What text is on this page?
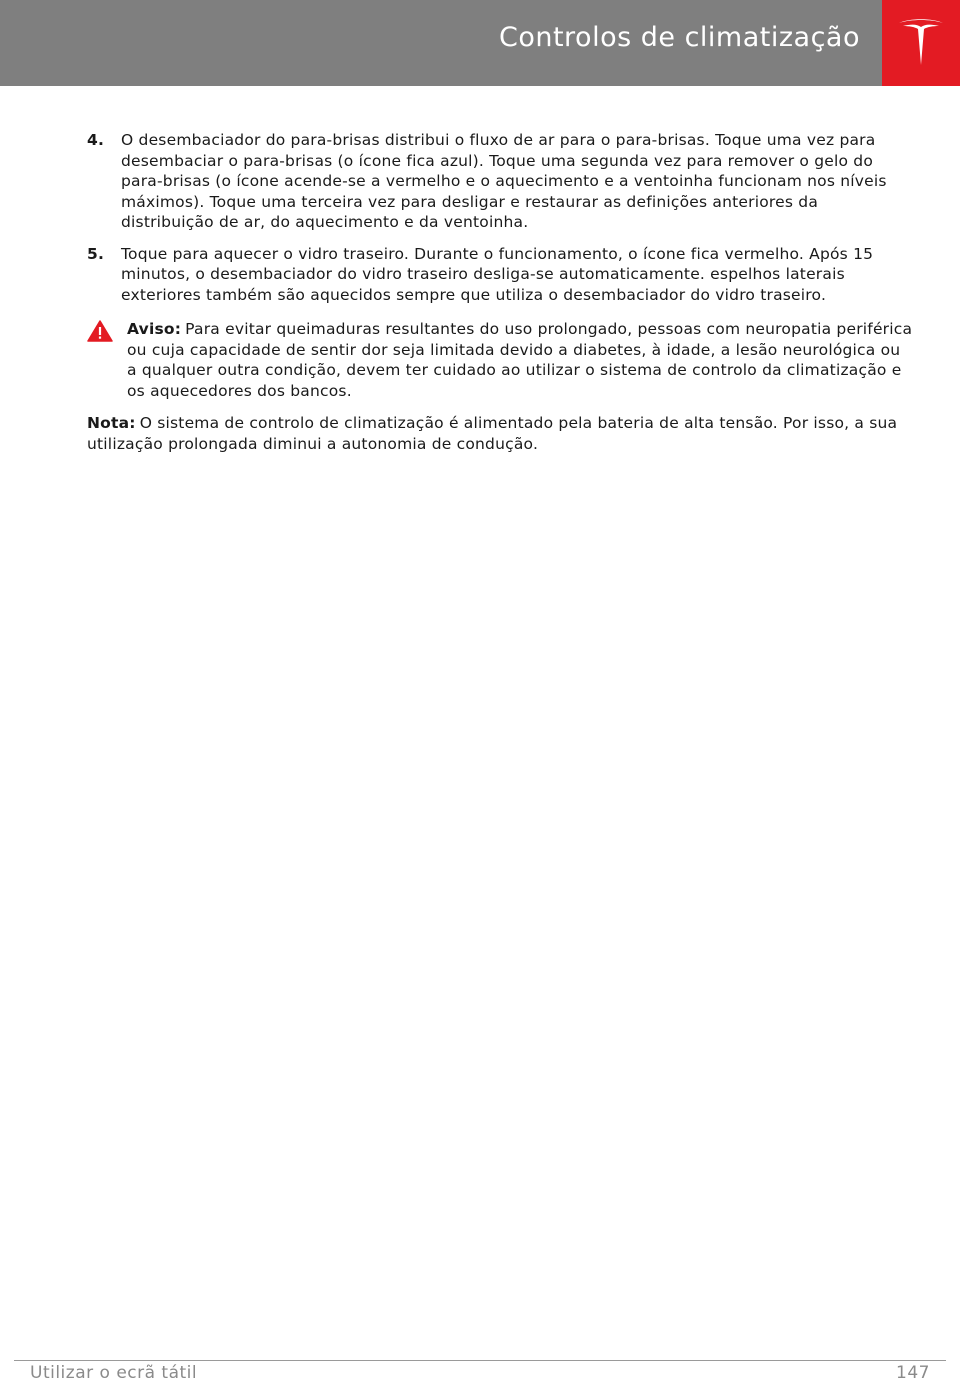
Controlos de climatização
4. O desembaciador do para-brisas distribui o fluxo de ar para o para-brisas. Toque uma vez para desembaciar o para-brisas (o ícone fica azul). Toque uma segunda vez para remover o gelo do para-brisas (o ícone acende-se a vermelho e o aquecimento e a ventoinha funcionam nos níveis máximos). Toque uma terceira vez para desligar e restaurar as definições anteriores da distribuição de ar, do aquecimento e da ventoinha.
5. Toque para aquecer o vidro traseiro. Durante o funcionamento, o ícone fica vermelho. Após 15 minutos, o desembaciador do vidro traseiro desliga-se automaticamente. espelhos laterais exteriores também são aquecidos sempre que utiliza o desembaciador do vidro traseiro.
Aviso: Para evitar queimaduras resultantes do uso prolongado, pessoas com neuropatia periférica ou cuja capacidade de sentir dor seja limitada devido a diabetes, à idade, a lesão neurológica ou a qualquer outra condição, devem ter cuidado ao utilizar o sistema de controlo da climatização e os aquecedores dos bancos.
Nota: O sistema de controlo de climatização é alimentado pela bateria de alta tensão. Por isso, a sua utilização prolongada diminui a autonomia de condução.
Utilizar o ecrã tátil	147
